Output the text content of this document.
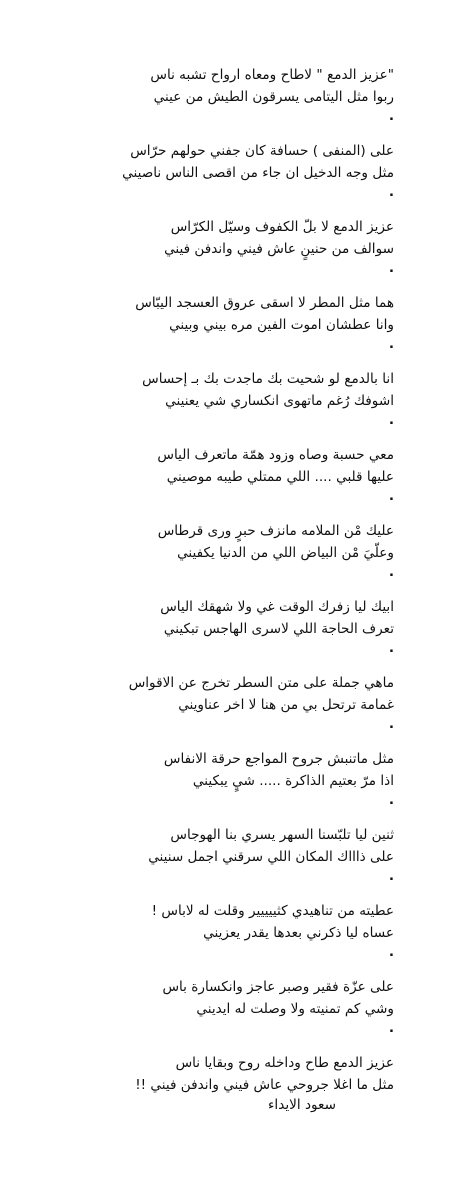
"عزيز الدمع " لاطاح ومعاه ارواح تشبه ناس
ربوا مثل اليتامى يسرقون الطيش من عيني
.
على (المنفى ) حسافة كان جفني حولهم حرّاس
مثل وجه الدخيل ان جاء من اقصى الناس ناصيني
.
عزيز الدمع لا بلّ الكفوف وسيّل الكرّاس
سوالف من حنينٍ عاش فيني واندفن فيني
.
هما مثل المطر لا اسقى عروق العسجد اليبّاس
وانا عطشان اموت الفين مره بيني وبيني
.
انا بالدمع لو شحيت بك ماجدت بك بـ إحساس
اشوفك رُغم ماتهوى انكساري شي يعنيني
.
معي حسبة وصاه وزود همّة ماتعرف الياس
عليها قلبي .... اللي ممتلي طيبه موصيني
.
عليك مْن الملامه مانزف حبرٍ ورى قرطاس
وعلّيَ مْن البياض اللي من الدنيا يكفيني
.
ابيك ليا زفرك الوقت غي ولا شهقك الياس
تعرف الحاجة اللي لاسرى الهاجس تبكيني
.
ماهي جملة على متن السطر تخرج عن الاقواس
غمامة ترتحل بي من هنا لا اخر عناويني
.
مثل ماتنبش جروح المواجع حرقة الانفاس
اذا مرّ بعتيم الذاكرة ..... شيٍ يبكيني
.
ثنين ليا تلبّسنا السهر يسري بنا الهوجاس
على ذاااك المكان اللي سرقني اجمل سنيني
.
عطيته من تناهيدي كثييييير وقلت له لاباس !
عساه ليا ذكرني بعدها يقدر يعزيني
.
على عزّة فقير وصبر عاجز وانكسارة باس
وشي كم تمنيته ولا وصلت له ايديني
.
عزيز الدمع طاح وداخله روح وبقايا ناس
مثل ما اغلا جروحي عاش فيني واندفن فيني !!
سعود الايداء
